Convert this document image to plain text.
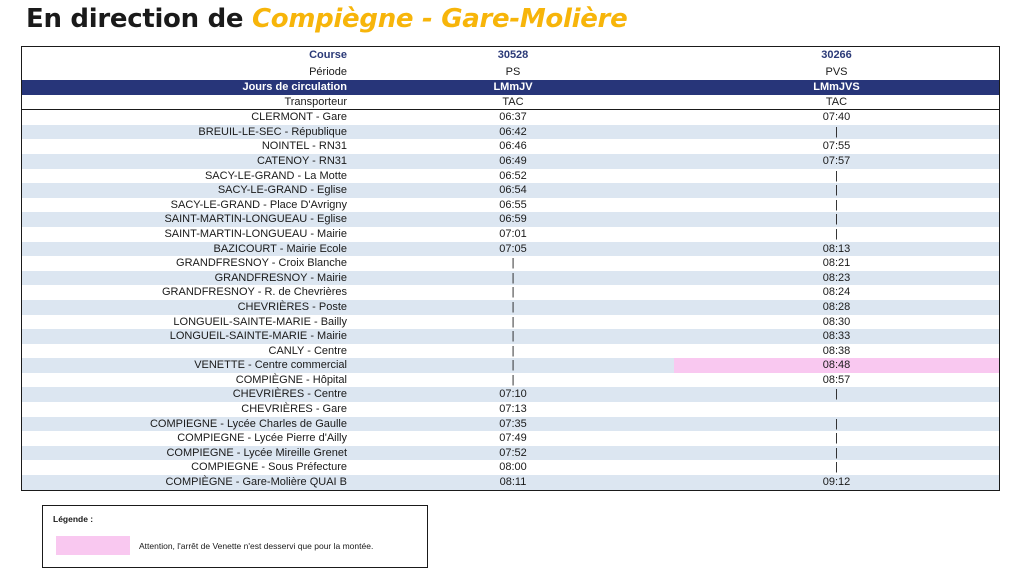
En direction de Compiègne - Gare-Molière
Course	30528	30266
Période	PS	PVS
Jours de circulation	LMmJV	LMmJVS
Transporteur	TAC	TAC
CLERMONT - Gare	06:37	07:40
BREUIL-LE-SEC - République	06:42	|
NOINTEL - RN31	06:46	07:55
CATENOY - RN31	06:49	07:57
SACY-LE-GRAND - La Motte	06:52	|
SACY-LE-GRAND - Eglise	06:54	|
SACY-LE-GRAND - Place D'Avrigny	06:55	|
SAINT-MARTIN-LONGUEAU - Eglise	06:59	|
SAINT-MARTIN-LONGUEAU - Mairie	07:01	|
BAZICOURT - Mairie Ecole	07:05	08:13
GRANDFRESNOY - Croix Blanche	|	08:21
GRANDFRESNOY - Mairie	|	08:23
GRANDFRESNOY - R. de Chevrières	|	08:24
CHEVRIÈRES - Poste	|	08:28
LONGUEIL-SAINTE-MARIE - Bailly	|	08:30
LONGUEIL-SAINTE-MARIE - Mairie	|	08:33
CANLY - Centre	|	08:38
VENETTE - Centre commercial	|	08:48
COMPIÈGNE - Hôpital	|	08:57
CHEVRIÈRES - Centre	07:10	|
CHEVRIÈRES - Gare	07:13	
COMPIEGNE - Lycée Charles de Gaulle	07:35	|
COMPIEGNE - Lycée Pierre d'Ailly	07:49	|
COMPIEGNE - Lycée Mireille Grenet	07:52	|
COMPIEGNE - Sous Préfecture	08:00	|
COMPIÈGNE - Gare-Molière QUAI B	08:11	09:12
Légende :
Attention, l'arrêt de Venette n'est desservi que pour la montée.
